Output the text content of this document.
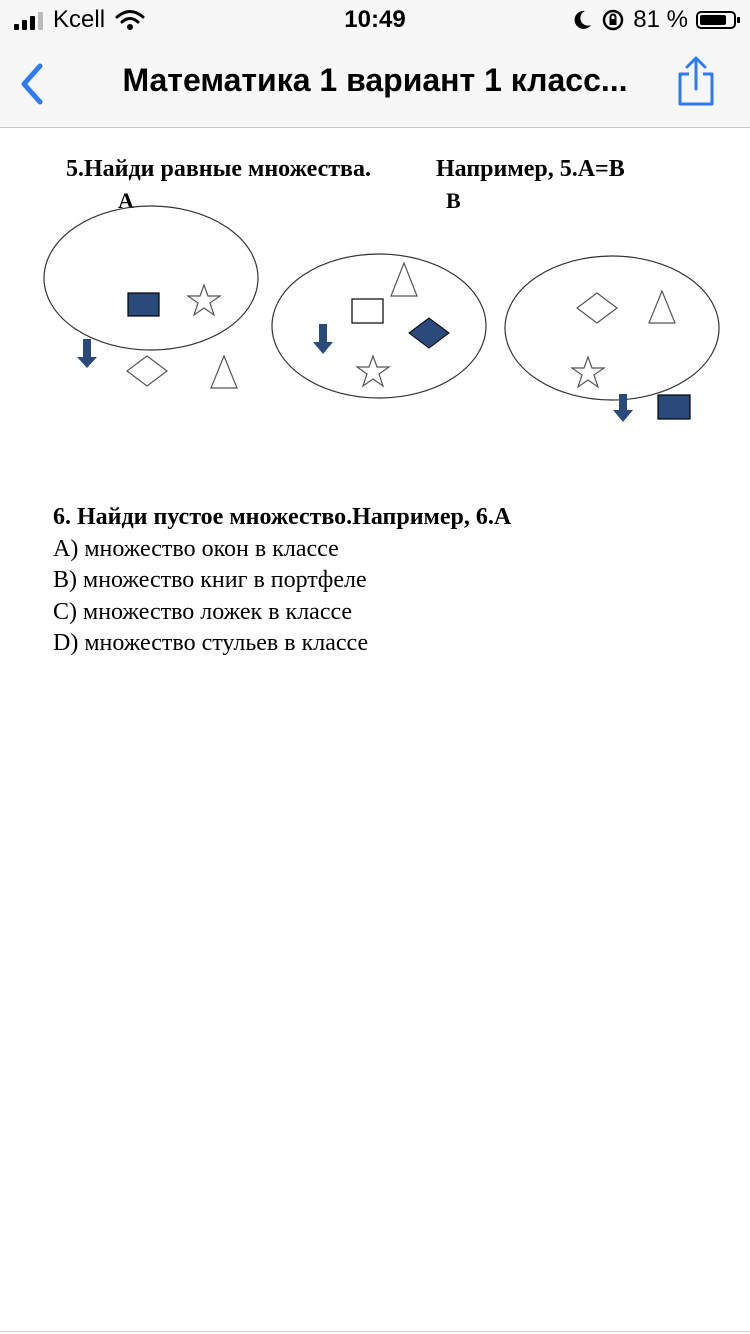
Kcell	10:49	81 %
Математика 1 вариант 1 класс...
5.Найди равные множества.	Например, 5.А=В
А	В
6. Найди пустое множество.Например, 6.А
А) множество окон в классе
В) множество книг в портфеле
С) множество ложек в классе
D) множество стульев в классе
